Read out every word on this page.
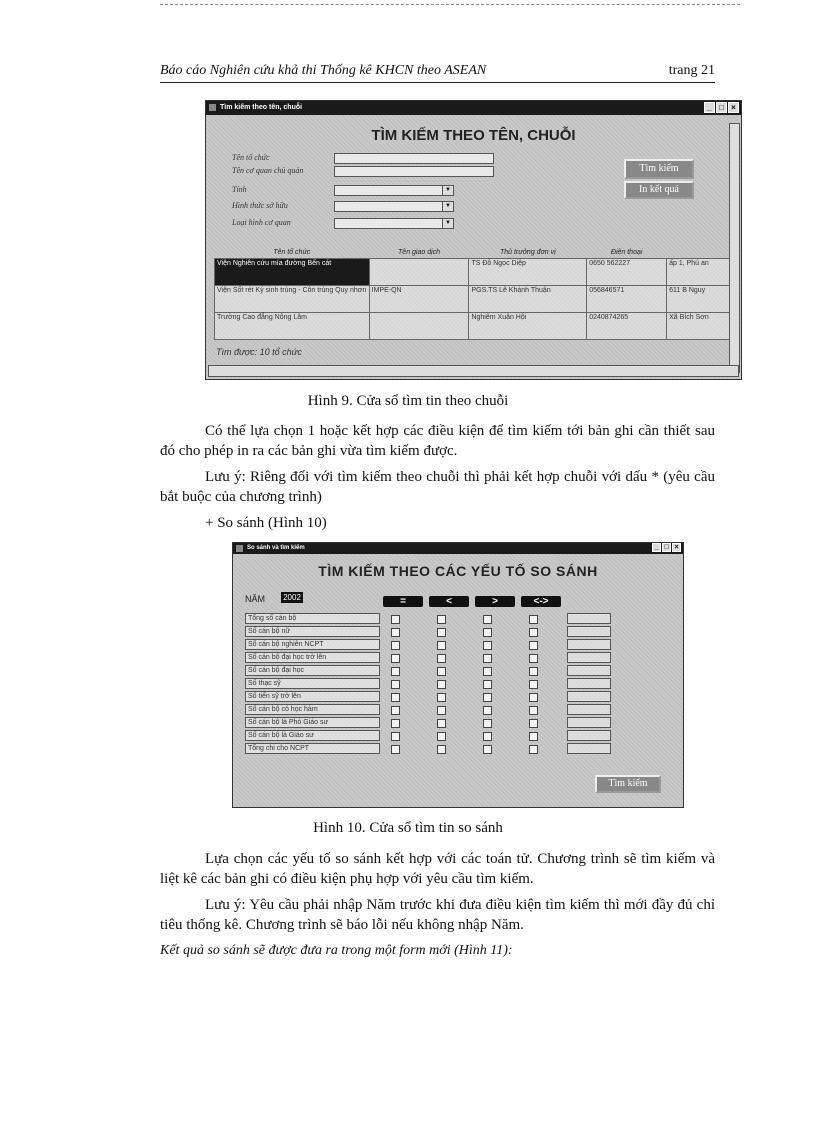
Báo cáo Nghiên cứu khả thi Thống kê KHCN theo ASEAN	trang 21
Tìm kiếm theo tên, chuỗi	_ □ ×
TÌM KIẾM THEO TÊN, CHUỖI
Tên tổ chức
Tên cơ quan chủ quản
Tỉnh	▼
Hình thức sở hữu	▼
Loại hình cơ quan	▼
Tìm kiếm
In kết quả
Tên tổ chức	Tên giao dịch	Thủ trưởng đơn vị	Điện thoại	
Viện Nghiên cứu mía đường Bến cát		TS Đỗ Ngọc Diệp	0650 562227	ấp 1, Phú an
Viện Sốt rét Ký sinh trùng - Côn trùng Quy nhơn	IMPE-QN	PGS.TS Lê Khánh Thuận	056846571	611 B Nguy
Trường Cao đẳng Nông Lâm		Nghiêm Xuân Hội	0240874265	Xã Bích Sơn
Tìm được: 10 tổ chức
Hình 9. Cửa sổ tìm tin theo chuỗi
Có thể lựa chọn 1 hoặc kết hợp các điều kiện để tìm kiếm tới bản ghi cần thiết sau đó cho phép in ra các bản ghi vừa tìm kiếm được.
Lưu ý: Riêng đối với tìm kiếm theo chuỗi thì phải kết hợp chuỗi với dấu * (yêu cầu bắt buộc của chương trình)
+ So sánh (Hình 10)
So sánh và tìm kiếm	_ □ ×
TÌM KIẾM THEO CÁC YẾU TỐ SO SÁNH
NĂM 2002	=	<	>	<->
Tổng số cán bộ
Số cán bộ nữ
Số cán bộ nghiên NCPT
Số cán bộ đại học trở lên
Số cán bộ đại học
Số thạc sỹ
Số tiến sỹ trở lên
Số cán bộ có học hàm
Số cán bộ là Phó Giáo sư
Số cán bộ là Giáo sư
Tổng chi cho NCPT
Tìm kiếm
Hình 10. Cửa sổ tìm tin so sánh
Lựa chọn các yếu tố so sánh kết hợp với các toán tử. Chương trình sẽ tìm kiếm và liệt kê các bản ghi có điều kiện phụ hợp với yêu cầu tìm kiếm.
Lưu ý: Yêu cầu phải nhập Năm trước khi đưa điều kiện tìm kiếm thì mới đầy đủ chỉ tiêu thống kê. Chương trình sẽ báo lỗi nếu không nhập Năm.
Kết quả so sánh sẽ được đưa ra trong một form mới (Hình 11):
